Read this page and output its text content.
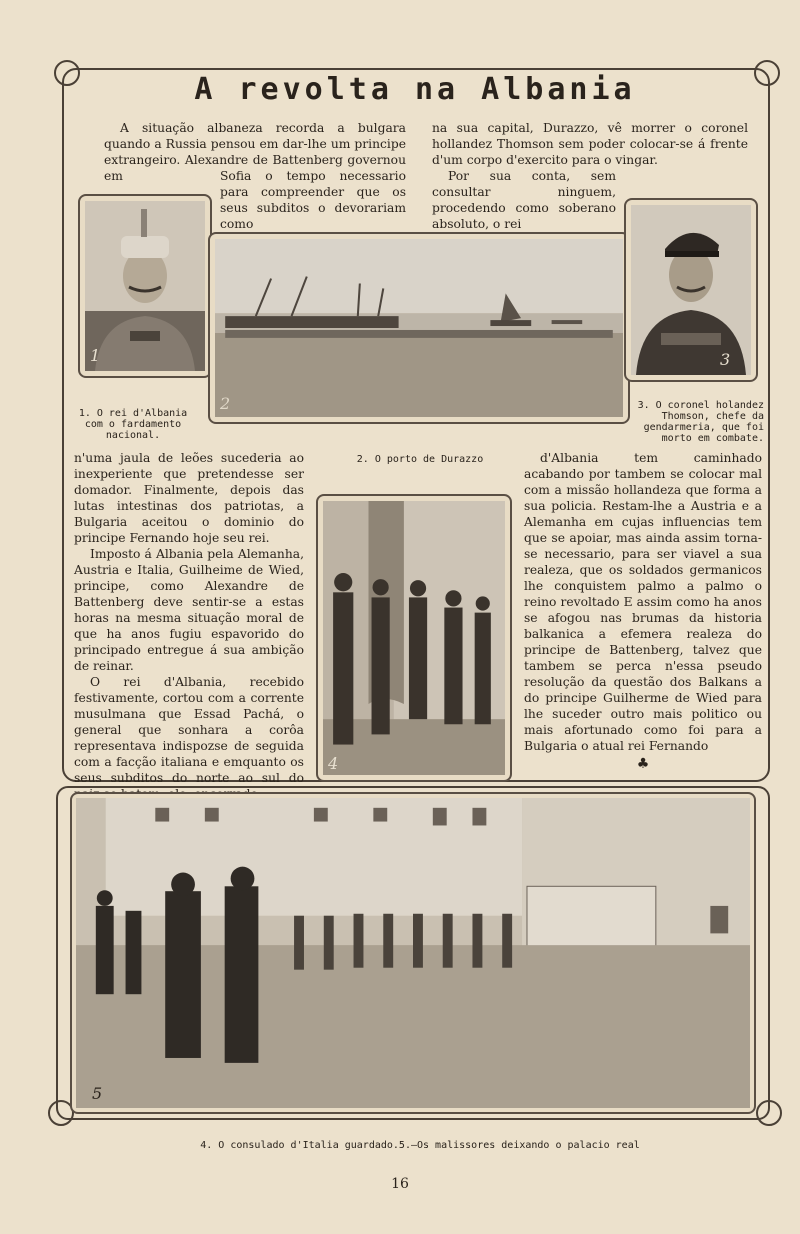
A revolta na Albania

A situação albaneza recorda a bulgara quando a Russia pensou em dar-lhe um principe extrangeiro. Alexandre de Battenberg governou em	Sofia o tempo necessario para compreender que os seus subditos o devorariam como

na sua capital, Durazzo, vê morrer o coronel hollandez Thomson sem poder colocar-se á frente d'um corpo d'exercito para o vingar.

Por sua conta, sem consultar ninguem, procedendo como soberano absoluto, o rei

1
1. O rei d'Albania com o fardamento nacional.
2
2. O porto de Durazzo
3
3. O coronel holandez Thomson, chefe da gendarmeria, que foi morto em combate.

n'uma jaula de leões sucederia ao inexperiente que pretendesse ser domador. Finalmente, depois das lutas intestinas dos patriotas, a Bulgaria aceitou o dominio do principe Fernando hoje seu rei.

Imposto á Albania pela Alemanha, Austria e Italia, Guilheime de Wied, principe, como Alexandre de Battenberg deve sentir-se a estas horas na mesma situação moral de que ha anos fugiu espavorido do principado entregue á sua ambição de reinar.

O rei d'Albania, recebido festivamente, cortou com a corrente musulmana que Essad Pachá, o general que sonhara a corôa representava indispozse de seguida com a facção italiana e emquanto os seus subditos do norte ao sul do

4

d'Albania tem caminhado acabando por tambem se colocar mal com a missão hollandeza que forma a sua policia. Restam-lhe a Austria e a Alemanha em cujas influencias tem que se apoiar, mas ainda assim torna-se necessario, para ser viavel a sua realeza, que os soldados germanicos lhe conquistem palmo a palmo o reino revoltado E assim como ha anos se afogou nas brumas da historia balkanica a efemera realeza do principe de Battenberg, talvez que tambem se perca n'essa pseudo resolução da questão dos Balkans a do principe Guilherme de Wied para lhe suceder outro mais politico ou mais afortunado como foi para a Bulgaria o atual rei Fernando

♣
5
4. O consulado d'Italia guardado.5.—Os malissores deixando o palacio real
16
